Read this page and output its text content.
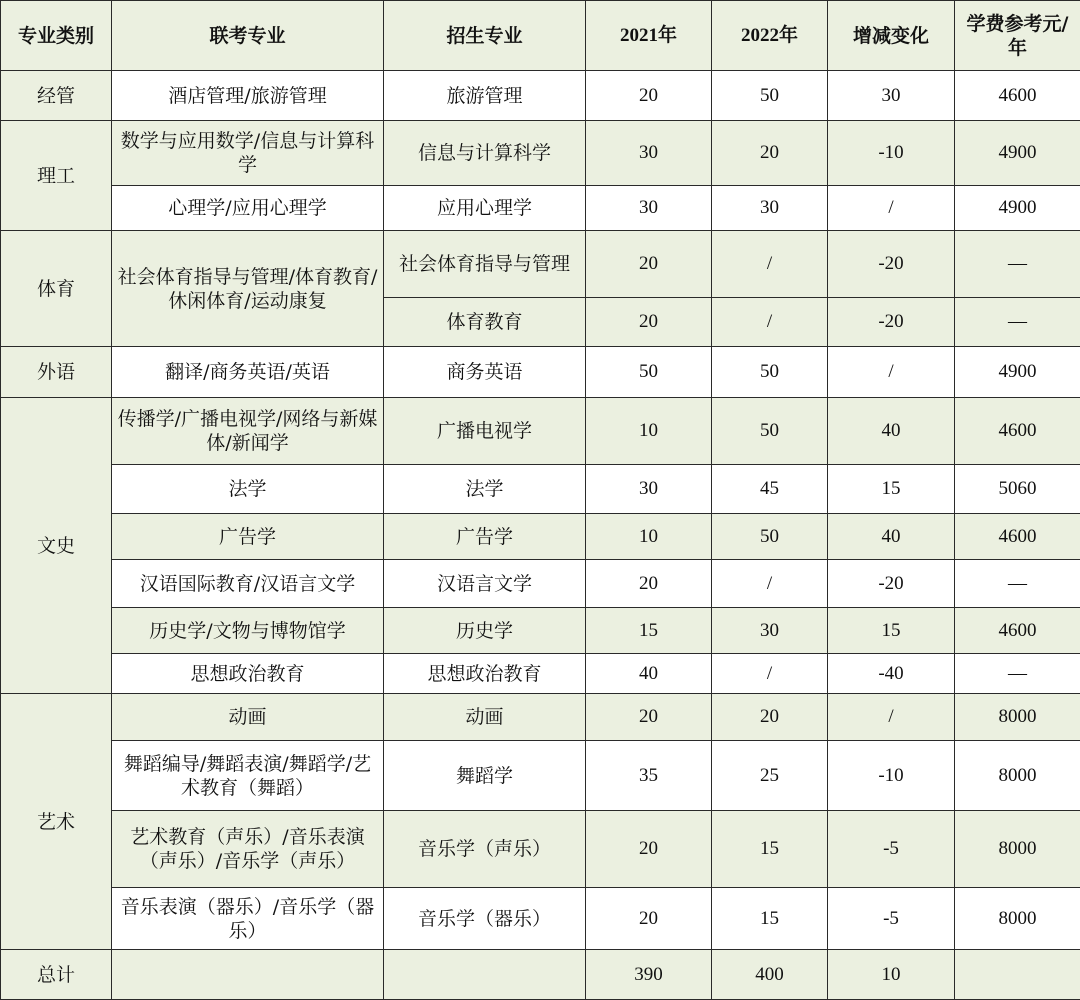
专业类别	联考专业	招生专业	2021年	2022年	增减变化	学费参考元/年
经管	酒店管理/旅游管理	旅游管理	20	50	30	4600
理工	数学与应用数学/信息与计算科学	信息与计算科学	30	20	-10	4900
	心理学/应用心理学	应用心理学	30	30	/	4900
体育	社会体育指导与管理/体育教育/休闲体育/运动康复	社会体育指导与管理	20	/	-20	—
		体育教育	20	/	-20	—
外语	翻译/商务英语/英语	商务英语	50	50	/	4900
文史	传播学/广播电视学/网络与新媒体/新闻学	广播电视学	10	50	40	4600
	法学	法学	30	45	15	5060
	广告学	广告学	10	50	40	4600
	汉语国际教育/汉语言文学	汉语言文学	20	/	-20	—
	历史学/文物与博物馆学	历史学	15	30	15	4600
	思想政治教育	思想政治教育	40	/	-40	—
艺术	动画	动画	20	20	/	8000
	舞蹈编导/舞蹈表演/舞蹈学/艺术教育（舞蹈）	舞蹈学	35	25	-10	8000
	艺术教育（声乐）/音乐表演（声乐）/音乐学（声乐）	音乐学（声乐）	20	15	-5	8000
	音乐表演（器乐）/音乐学（器乐）	音乐学（器乐）	20	15	-5	8000
总计			390	400	10	
